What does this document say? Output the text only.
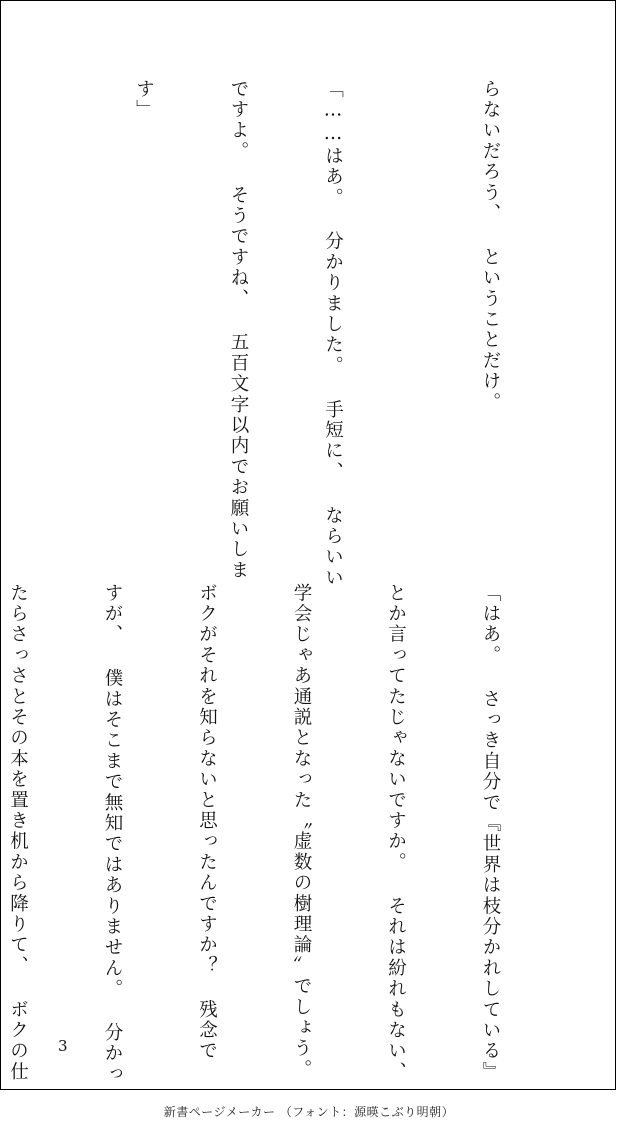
らないだろう、 ということだけ。

「……はあ。 分かりました。 手短に、 ならいい

ですよ。 そうですね、 五百文字以内でお願いしま

す」

「はあ。 さっき自分で『世界は枝分かれしている』

とか言ってたじゃないですか。 それは紛れもない、

学会じゃあ通説となった〝虚数の樹理論〟でしょう。

ボクがそれを知らないと思ったんですか？ 残念で

すが、 僕はそこまで無知ではありません。 分かっ

たらさっさとその本を置き机から降りて、 ボクの仕

	3
新書ページメーカー （フォント：源暎こぶり明朝）
